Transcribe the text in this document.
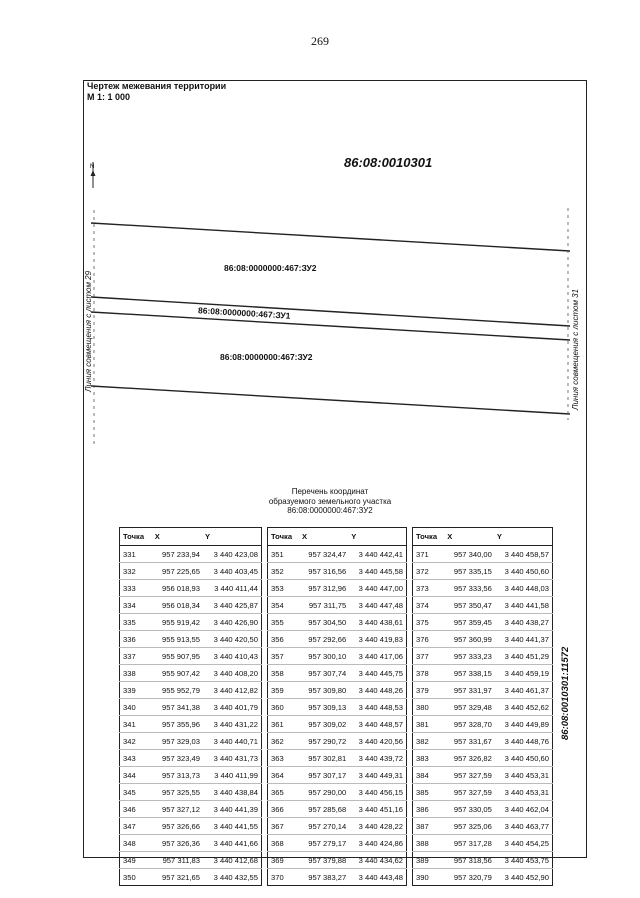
269
Чертеж межевания территории
М 1: 1 000
N	86:08:0010301
86:08:0000000:467:ЗУ2
86:08:0000000:467:ЗУ1
86:08:0000000:467:ЗУ2
Линия совмещения с листом 29	Линия совмещения с листом 31
86:08:0010301:11572
Перечень координат
образуемого земельного участка
86:08:0000000:467:ЗУ2
Точка	X	Y
331	957 233,94	3 440 423,08
332	957 225,65	3 440 403,45
333	956 018,93	3 440 411,44
334	956 018,34	3 440 425,87
335	955 919,42	3 440 426,90
336	955 913,55	3 440 420,50
337	955 907,95	3 440 410,43
338	955 907,42	3 440 408,20
339	955 952,79	3 440 412,82
340	957 341,38	3 440 401,79
341	957 355,96	3 440 431,22
342	957 329,03	3 440 440,71
343	957 323,49	3 440 431,73
344	957 313,73	3 440 411,99
345	957 325,55	3 440 438,84
346	957 327,12	3 440 441,39
347	957 326,66	3 440 441,55
348	957 326,36	3 440 441,66
349	957 311,83	3 440 412,68
350	957 321,65	3 440 432,55
Точка	X	Y
351	957 324,47	3 440 442,41
352	957 316,56	3 440 445,58
353	957 312,96	3 440 447,00
354	957 311,75	3 440 447,48
355	957 304,50	3 440 438,61
356	957 292,66	3 440 419,83
357	957 300,10	3 440 417,06
358	957 307,74	3 440 445,75
359	957 309,80	3 440 448,26
360	957 309,13	3 440 448,53
361	957 309,02	3 440 448,57
362	957 290,72	3 440 420,56
363	957 302,81	3 440 439,72
364	957 307,17	3 440 449,31
365	957 290,00	3 440 456,15
366	957 285,68	3 440 451,16
367	957 270,14	3 440 428,22
368	957 279,17	3 440 424,86
369	957 379,88	3 440 434,62
370	957 383,27	3 440 443,48
Точка	X	Y
371	957 340,00	3 440 458,57
372	957 335,15	3 440 450,60
373	957 333,56	3 440 448,03
374	957 350,47	3 440 441,58
375	957 359,45	3 440 438,27
376	957 360,99	3 440 441,37
377	957 333,23	3 440 451,29
378	957 338,15	3 440 459,19
379	957 331,97	3 440 461,37
380	957 329,48	3 440 452,62
381	957 328,70	3 440 449,89
382	957 331,67	3 440 448,76
383	957 326,82	3 440 450,60
384	957 327,59	3 440 453,31
385	957 327,59	3 440 453,31
386	957 330,05	3 440 462,04
387	957 325,06	3 440 463,77
388	957 317,28	3 440 454,25
389	957 318,56	3 440 453,75
390	957 320,79	3 440 452,90
